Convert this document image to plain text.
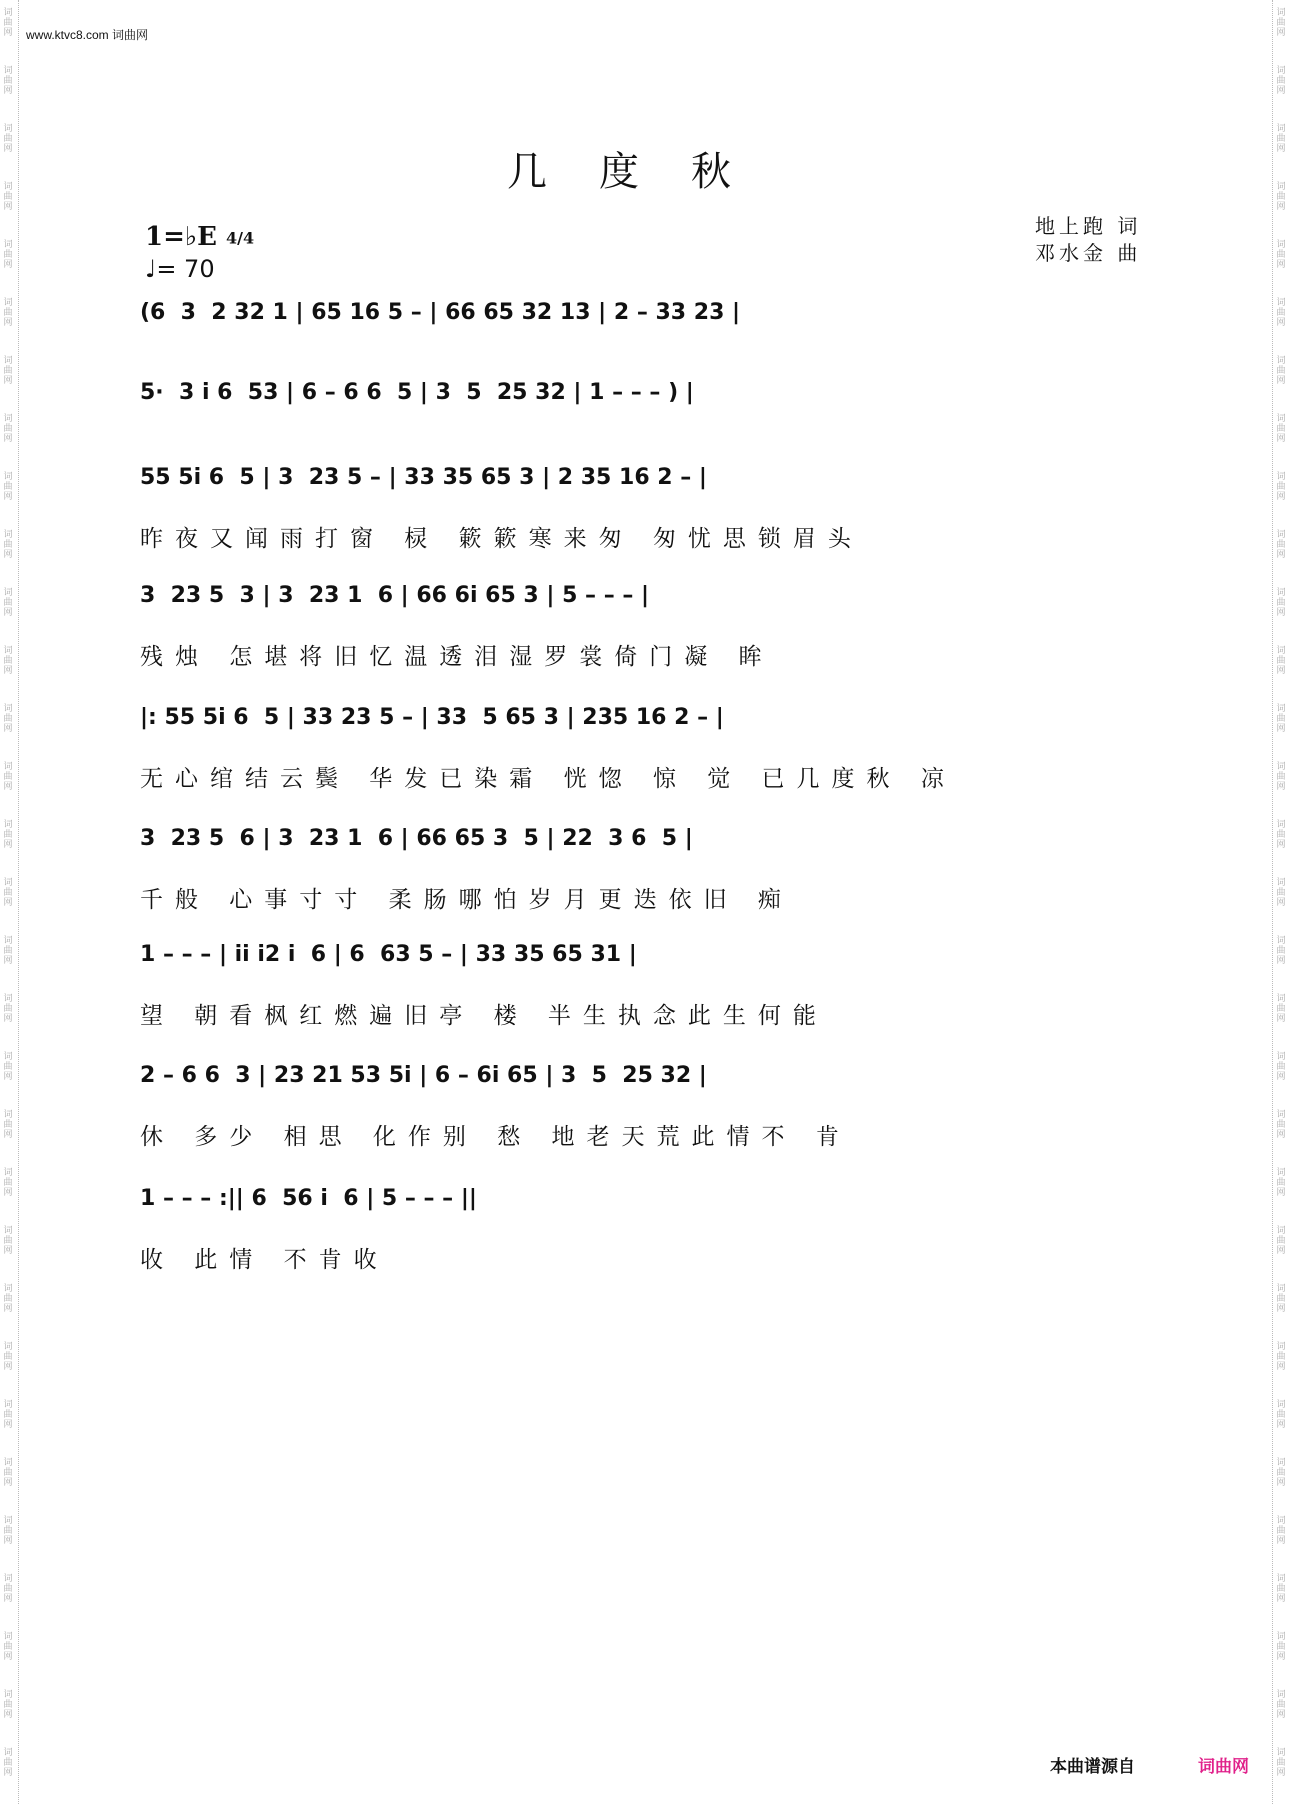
词曲网
词曲网
词曲网
词曲网
词曲网
词曲网
词曲网
词曲网
词曲网
词曲网
词曲网
词曲网
词曲网
词曲网
词曲网
词曲网
词曲网
词曲网
词曲网
词曲网
词曲网
词曲网
词曲网
词曲网
词曲网
词曲网
词曲网
词曲网
词曲网
词曲网
词曲网
词曲网
词曲网
词曲网
词曲网
词曲网
词曲网
词曲网
词曲网
词曲网
词曲网
词曲网
词曲网
词曲网
词曲网
词曲网
词曲网
词曲网
词曲网
词曲网
词曲网
词曲网
词曲网
词曲网
词曲网
词曲网
词曲网
词曲网
词曲网
词曲网
词曲网
词曲网
www.ktvc8.com 词曲网
几度秋
1=♭E 4/4
♩= 70
地上跑 词
邓水金 曲
(6  3  2 32 1 | 65 16 5 – | 66 65 32 13 | 2 – 33 23 |
5·  3 i 6  53 | 6 – 6 6  5 | 3  5  25 32 | 1 – – – ) |
55 5i 6  5 | 3  23 5 – | 33 35 65 3 | 2 35 16 2 – |
昨夜又闻雨打窗 棂 簌簌寒来匆 匆忧思锁眉头
3  23 5  3 | 3  23 1  6 | 66 6i 65 3 | 5 – – – |
残烛 怎堪将旧忆温透泪湿罗裳倚门凝 眸
|: 55 5i 6  5 | 33 23 5 – | 33  5 65 3 | 235 16 2 – |
无心绾结云鬓 华发已染霜 恍惚 惊 觉 已几度秋 凉
3  23 5  6 | 3  23 1  6 | 66 65 3  5 | 22  3 6  5 |
千般 心事寸寸 柔肠哪怕岁月更迭依旧 痴
1 – – – | ii i2 i  6 | 6  63 5 – | 33 35 65 31 |
望 朝看枫红燃遍旧亭 楼 半生执念此生何能
2 – 6 6  3 | 23 21 53 5i | 6 – 6i 65 | 3  5  25 32 |
休 多少 相思 化作别 愁 地老天荒此情不 肯
1 – – – :|| 6  56 i  6 | 5 – – – ||
收 此情 不肯收
本曲谱源自	词曲网
